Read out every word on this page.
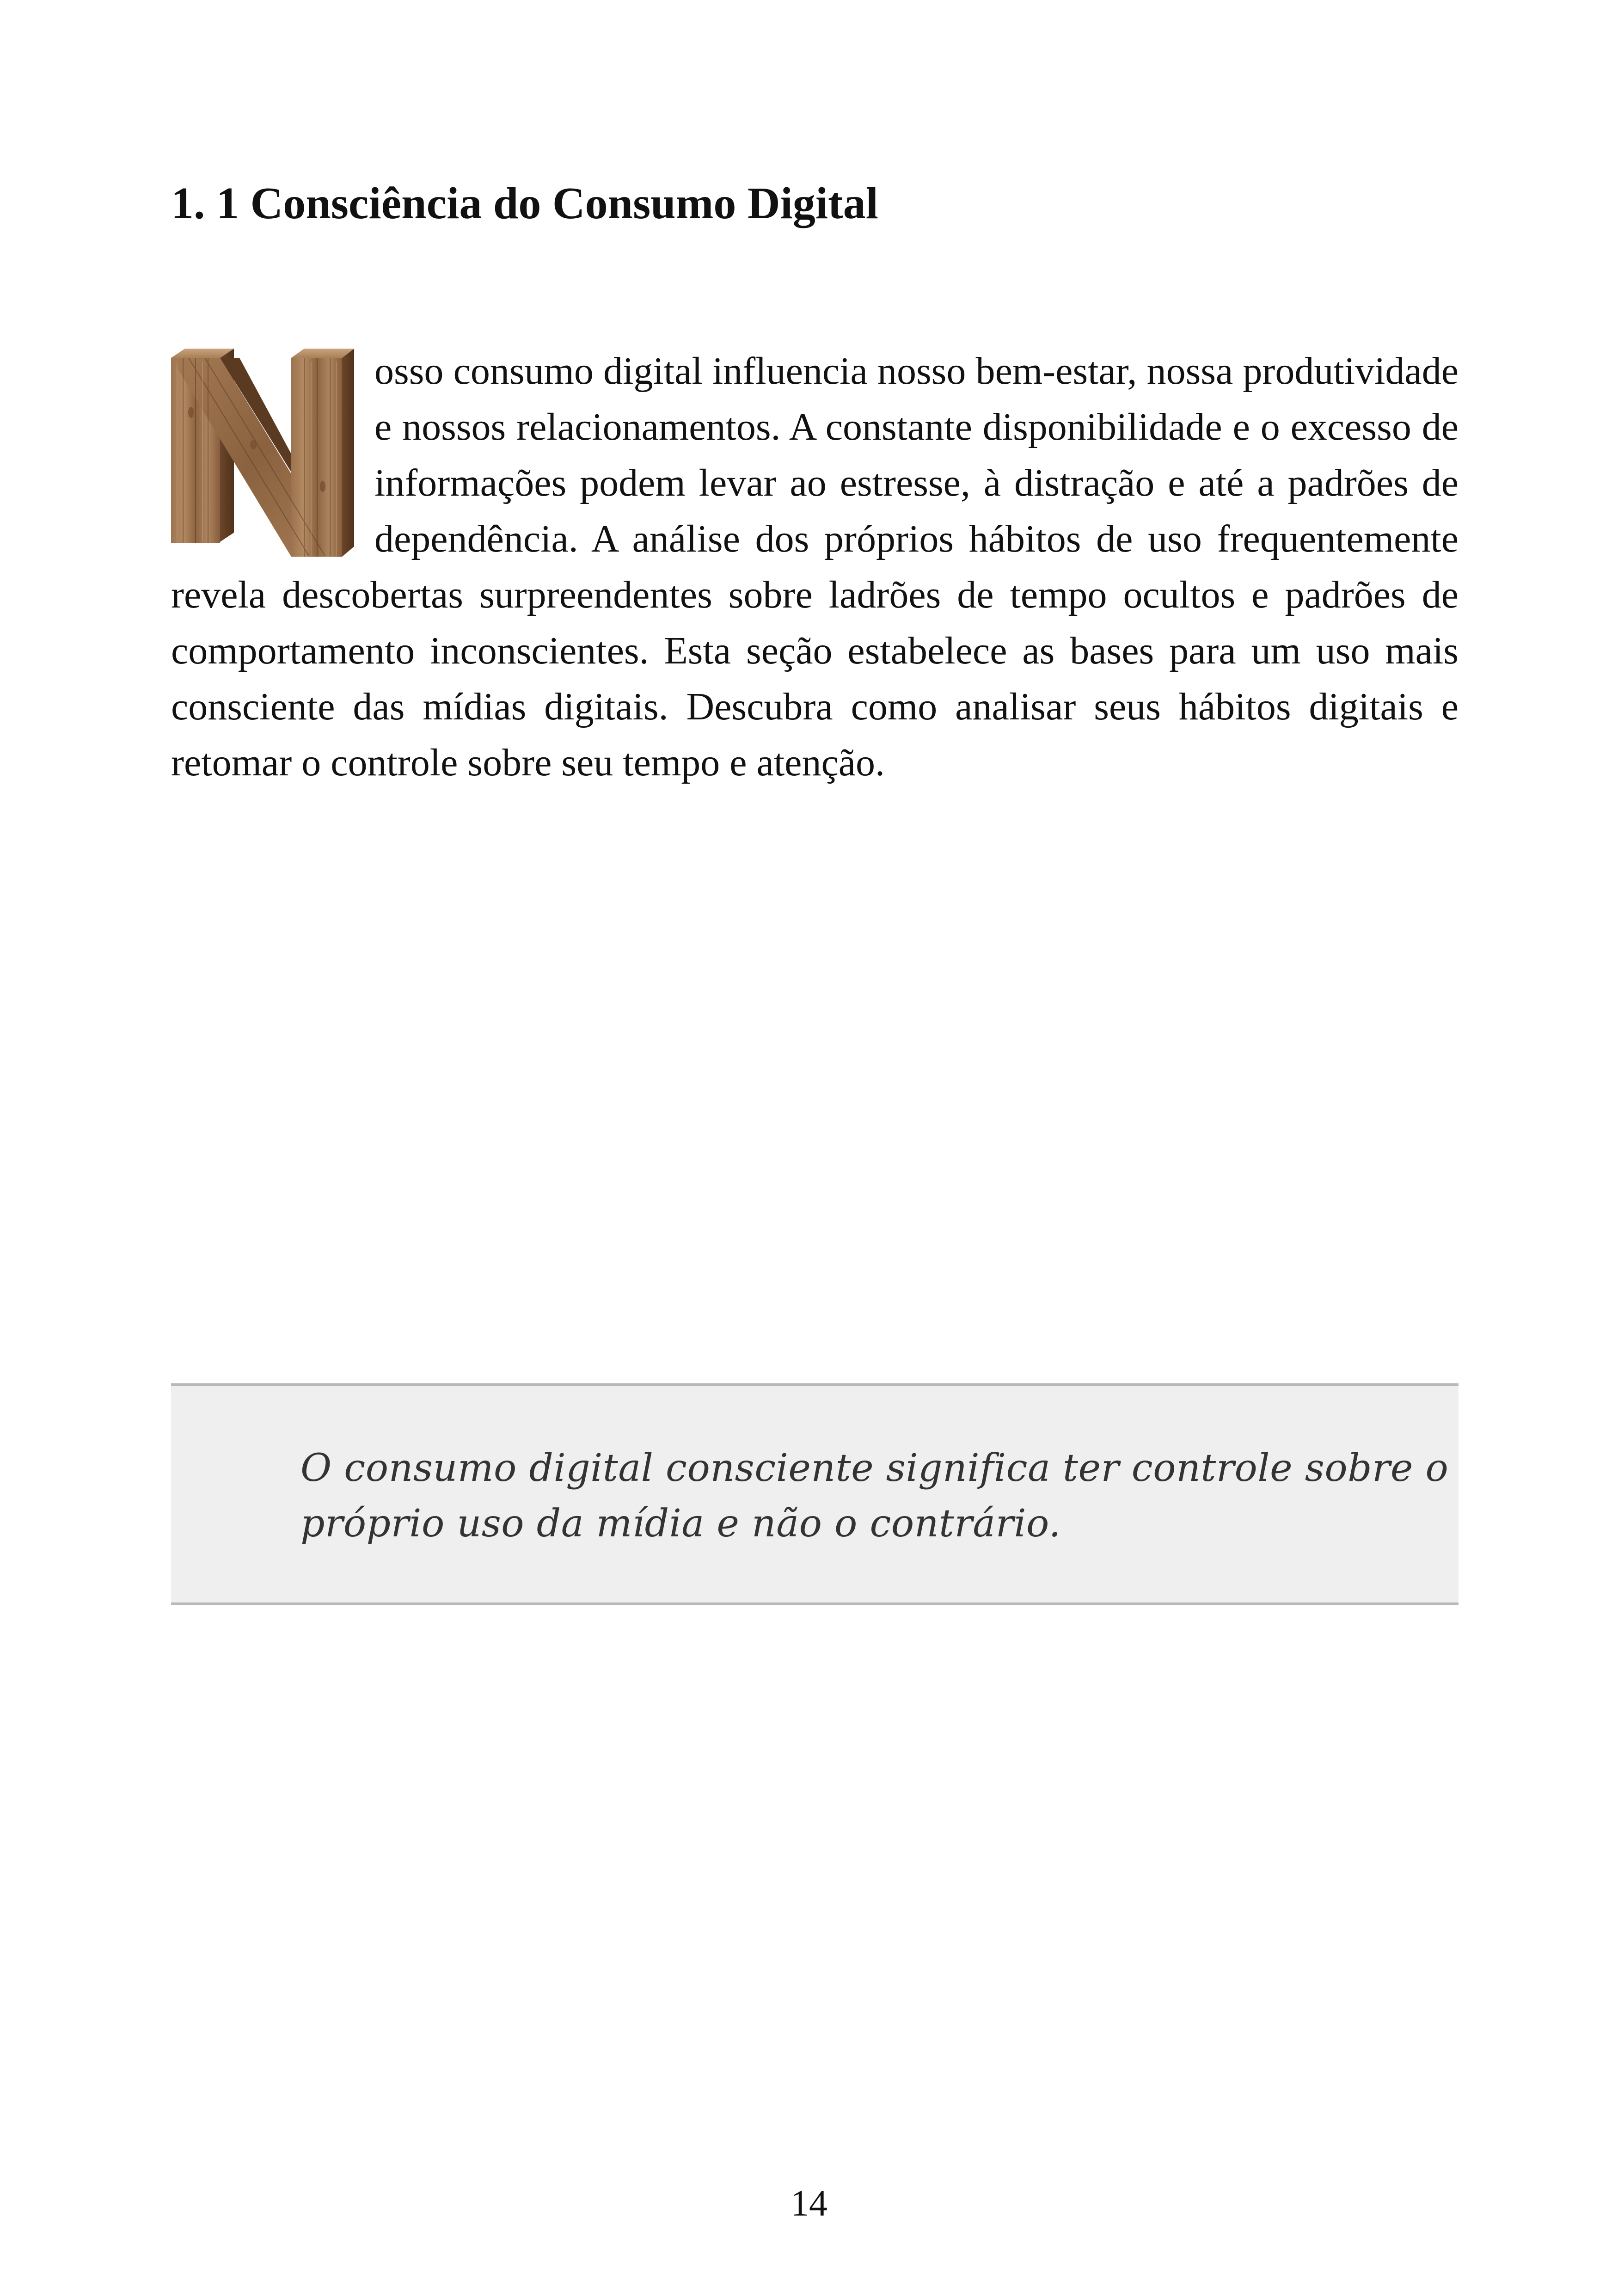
1. 1 Consciência do Consumo Digital

osso consumo digital influencia nosso bem-estar, nossa produtividade e nossos relacionamentos. A constante disponibilidade e o excesso de informações podem levar ao estresse, à distração e até a padrões de dependência. A análise dos próprios hábitos de uso frequentemente revela descobertas surpreendentes sobre ladrões de tempo ocultos e padrões de comportamento inconscientes. Esta seção estabelece as bases para um uso mais consciente das mídias digitais. Descubra como analisar seus hábitos digitais e retomar o controle sobre seu tempo e atenção.

O consumo digital consciente significa ter controle sobre o próprio uso da mídia e não o contrário.

14
